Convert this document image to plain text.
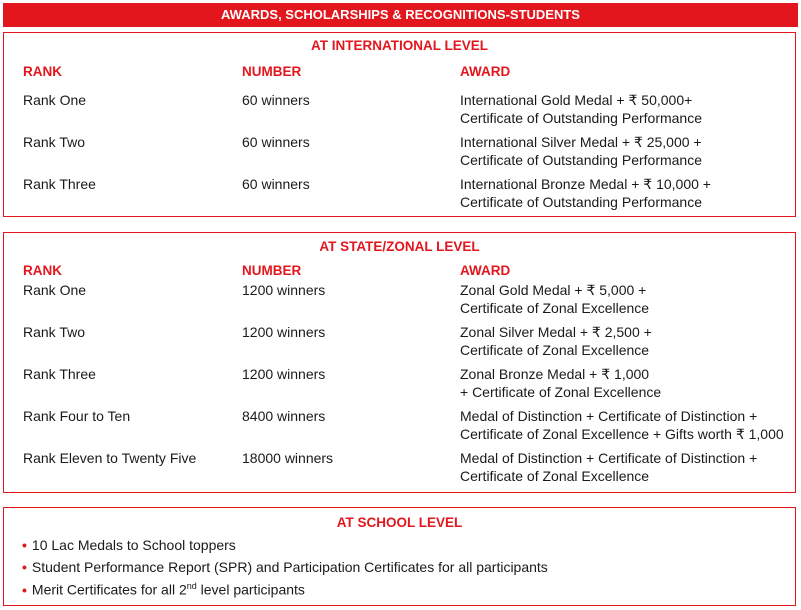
AWARDS, SCHOLARSHIPS & RECOGNITIONS-STUDENTS
AT INTERNATIONAL LEVEL
RANK	NUMBER	AWARD
Rank One	60 winners	International Gold Medal + ₹ 50,000+
Certificate of Outstanding Performance
Rank Two	60 winners	International Silver Medal + ₹ 25,000 +
Certificate of Outstanding Performance
Rank Three	60 winners	International Bronze Medal + ₹ 10,000 +
Certificate of Outstanding Performance
AT STATE/ZONAL LEVEL
RANK	NUMBER	AWARD
Rank One	1200 winners	Zonal Gold Medal + ₹ 5,000 +
Certificate of Zonal Excellence
Rank Two	1200 winners	Zonal Silver Medal + ₹ 2,500 +
Certificate of Zonal Excellence
Rank Three	1200 winners	Zonal Bronze Medal + ₹ 1,000
+ Certificate of Zonal Excellence
Rank Four to Ten	8400 winners	Medal of Distinction + Certificate of Distinction +
Certificate of Zonal Excellence + Gifts worth ₹ 1,000
Rank Eleven to Twenty Five	18000 winners	Medal of Distinction + Certificate of Distinction +
Certificate of Zonal Excellence
AT SCHOOL LEVEL
• 10 Lac Medals to School toppers
• Student Performance Report (SPR) and Participation Certificates for all participants
• Merit Certificates for all 2nd level participants
